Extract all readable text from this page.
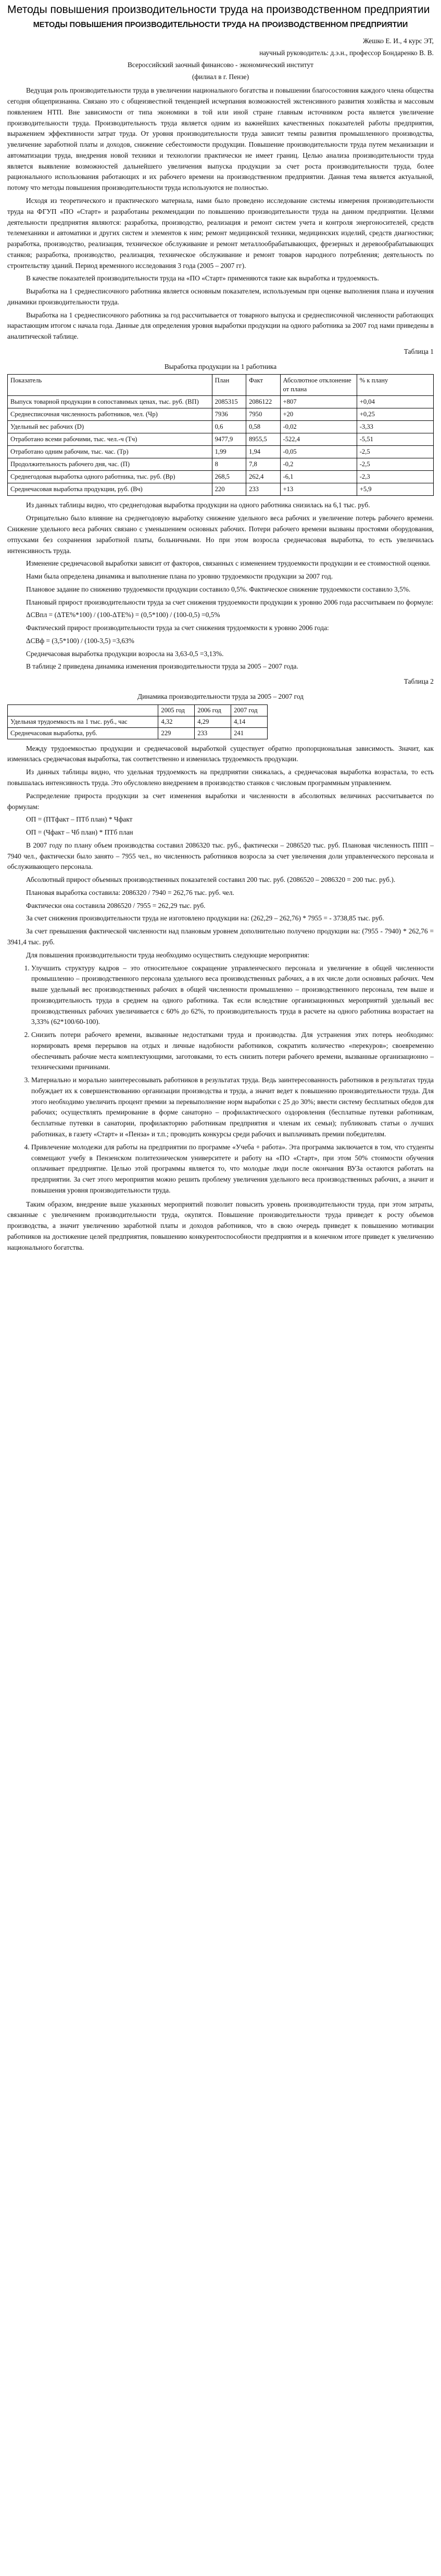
Методы повышения производительности труда на производственном предприятии
МЕТОДЫ ПОВЫШЕНИЯ ПРОИЗВОДИТЕЛЬНОСТИ ТРУДА НА ПРОИЗВОДСТВЕННОМ ПРЕДПРИЯТИИ
Жешко Е. И., 4 курс ЭТ,
научный руководитель: д.э.н., профессор Бондаренко В. В.
Всероссийский заочный финансово - экономический институт
(филиал в г. Пензе)

Ведущая роль производительности труда в увеличении национального богатства и повышении благосостояния каждого члена общества сегодня общепризнанна. Связано это с общеизвестной тенденцией исчерпания возможностей экстенсивного развития хозяйства и массовым появлением НТП. Вне зависимости от типа экономики в той или иной стране главным источником роста является увеличение производительности труда. Производительность труда является одним из важнейших качественных показателей работы предприятия, выражением эффективности затрат труда. От уровня производительности труда зависит темпы развития промышленного производства, увеличение заработной платы и доходов, снижение себестоимости продукции. Повышение производительности труда путем механизации и автоматизации труда, внедрения новой техники и технологии практически не имеет границ. Целью анализа производительности труда является выявление возможностей дальнейшего увеличения выпуска продукции за счет роста производительности труда, более рационального использования работающих и их рабочего времени на производственном предприятии. Данная тема является актуальной, потому что методы повышения производительности труда используются не полностью.

Исходя из теоретического и практического материала, нами было проведено исследование системы измерения производительности труда на ФГУП «ПО «Старт» и разработаны рекомендации по повышению производительности труда на данном предприятии. Целями деятельности предприятия являются: разработка, производство, реализация и ремонт систем учета и контроля энергоносителей, средств телемеханики и автоматики и других систем и элементов к ним; ремонт медицинской техники, медицинских изделий, средств диагностики; разработка, производство, реализация, техническое обслуживание и ремонт металлообрабатывающих, фрезерных и деревообрабатывающих станков; разработка, производство, реализация, техническое обслуживание и ремонт товаров народного потребления; деятельность по строительству зданий. Период временного исследования 3 года (2005 – 2007 гг).

В качестве показателей производительности труда на «ПО «Старт» применяются такие как выработка и трудоемкость.

Выработка на 1 среднесписочного работника является основным показателем, используемым при оценке выполнения плана и изучения динамики производительности труда.

Выработка на 1 среднесписочного работника за год рассчитывается от товарного выпуска и среднесписочной численности работающих нарастающим итогом с начала года. Данные для определения уровня выработки продукции на одного работника за 2007 год нами приведены в аналитической таблице.

Таблица 1
Выработка продукции на 1 работника
Показатель	План	Факт	Абсолютное отклонение от плана	% к плану
Выпуск товарной продукции в сопоставимых ценах, тыс. руб. (ВП)	2085315	2086122	+807	+0,04
Среднесписочная численность работников, чел. (Чр)	7936	7950	+20	+0,25
Удельный вес рабочих (D)	0,6	0,58	-0,02	-3,33
Отработано всеми рабочими, тыс. чел.-ч (Тч)	9477,9	8955,5	-522,4	-5,51
Отработано одним рабочим, тыс. час. (Тр)	1,99	1,94	-0,05	-2,5
Продолжительность рабочего дня, час. (П)	8	7,8	-0,2	-2,5
Среднегодовая выработка одного работника, тыс. руб. (Вр)	268,5	262,4	-6,1	-2,3
Среднечасовая выработка продукции, руб. (Вч)	220	233	+13	+5,9

Из данных таблицы видно, что среднегодовая выработка продукции на одного работника снизилась на 6,1 тыс. руб.

Отрицательно было влияние на среднегодовую выработку снижение удельного веса рабочих и увеличение потерь рабочего времени. Снижение удельного веса рабочих связано с уменьшением основных рабочих. Потери рабочего времени вызваны простоями оборудования, отпусками без сохранения заработной платы, больничными. Но при этом возросла среднечасовая выработка, то есть увеличилась интенсивность труда.

Изменение среднечасовой выработки зависит от факторов, связанных с изменением трудоемкости продукции и ее стоимостной оценки.

Нами была определена динамика и выполнение плана по уровню трудоемкости продукции за 2007 год.

Плановое задание по снижению трудоемкости продукции составило 0,5%. Фактическое снижение трудоемкости составило 3,5%.

Плановый прирост производительности труда за счет снижения трудоемкости продукции к уровню 2006 года рассчитываем по формуле:

ΔСВпл = (ΔТЕ%*100) / (100-ΔТЕ%) = (0,5*100) / (100-0,5) =0,5%

Фактический прирост производительности труда за счет снижения трудоемкости к уровню 2006 года:

ΔСВф = (3,5*100) / (100-3,5) =3,63%

Среднечасовая выработка продукции возросла на 3,63-0,5 =3,13%.

В таблице 2 приведена динамика изменения производительности труда за 2005 – 2007 года.

Таблица 2
Динамика производительности труда за 2005 – 2007 год
	2005 год	2006 год	2007 год
Удельная трудоемкость на 1 тыс. руб., час	4,32	4,29	4,14
Среднечасовая выработка, руб.	229	233	241

Между трудоемкостью продукции и среднечасовой выработкой существует обратно пропорциональная зависимость. Значит, как изменилась среднечасовая выработка, так соответственно и изменилась трудоемкость продукции.

Из данных таблицы видно, что удельная трудоемкость на предприятии снижалась, а среднечасовая выработка возрастала, то есть повышалась интенсивность труда. Это обусловлено внедрением в производство станков с числовым программным управлением.

Распределение прироста продукции за счет изменения выработки и численности в абсолютных величинах рассчитывается по формулам:

ОП = (ПТфакт – ПТб план) * Чфакт
ОП = (Чфакт – Чб план) * ПТб план

В 2007 году по плану объем производства составил 2086320 тыс. руб., фактически – 2086520 тыс. руб. Плановая численность ППП – 7940 чел., фактически было занято – 7955 чел., но численность работников возросла за счет увеличения доли управленческого персонала и обслуживающего персонала.

Абсолютный прирост объемных производственных показателей составил 200 тыс. руб. (2086520 – 2086320 = 200 тыс. руб.).

Плановая выработка составила: 2086320 / 7940 = 262,76 тыс. руб. чел.

Фактически она составила 2086520 / 7955 = 262,29 тыс. руб.

За счет снижения производительности труда не изготовлено продукции на: (262,29 – 262,76) * 7955 = - 3738,85 тыс. руб.

За счет превышения фактической численности над плановым уровнем дополнительно получено продукции на: (7955 - 7940) * 262,76 = 3941,4 тыс. руб.

Для повышения производительности труда необходимо осуществить следующие мероприятия:

1. Улучшить структуру кадров – это относительное сокращение управленческого персонала и увеличение в общей численности промышленно – производственного персонала удельного веса производственных рабочих, а в их числе доли основных рабочих. Чем выше удельный вес производственных рабочих в общей численности промышленно – производственного персонала, тем выше и производительность труда в среднем на одного работника. Так если вследствие организационных мероприятий удельный вес производственных рабочих увеличивается с 60% до 62%, то производительность труда в расчете на одного работника возрастает на 3,33% (62*100/60-100).
2. Снизить потери рабочего времени, вызванные недостатками труда и производства. Для устранения этих потерь необходимо: нормировать время перерывов на отдых и личные надобности работников, сократить количество «перекуров»; своевременно обеспечивать рабочие места комплектующими, заготовками, то есть снизить потери рабочего времени, вызванные организационно – техническими причинами.
3. Материально и морально заинтересовывать работников в результатах труда. Ведь заинтересованность работников в результатах труда побуждает их к совершенствованию организации производства и труда, а значит ведет к повышению производительности труда. Для этого необходимо увеличить процент премии за перевыполнение норм выработки с 25 до 30%; ввести систему бесплатных обедов для рабочих; осуществлять премирование в форме санаторно – профилактического оздоровления (бесплатные путевки работникам, бесплатные путевки в санатории, профилакторию работникам предприятия и членам их семьи); публиковать статьи о лучших работниках, в газету «Старт» и «Пенза» и т.п.; проводить конкурсы среди рабочих и выплачивать премии победителям.
4. Привлечение молодежи для работы на предприятии по программе «Учеба + работа». Эта программа заключается в том, что студенты совмещают учебу в Пензенском политехническом университете и работу на «ПО «Старт», при этом 50% стоимости обучения оплачивает предприятие. Целью этой программы является то, что молодые люди после окончания ВУЗа остаются работать на предприятии. За счет этого мероприятия можно решить проблему увеличения удельного веса производственных рабочих, а значит и повышения уровня производительности труда.

Таким образом, внедрение выше указанных мероприятий позволит повысить уровень производительности труда, при этом затраты, связанные с увеличением производительности труда, окупятся. Повышение производительности труда приведет к росту объемов производства, а значит увеличению заработной платы и доходов работников, что в свою очередь приведет к повышению мотивации работников на достижение целей предприятия, повышению конкурентоспособности предприятия и в конечном итоге приведет к увеличению национального богатства.
